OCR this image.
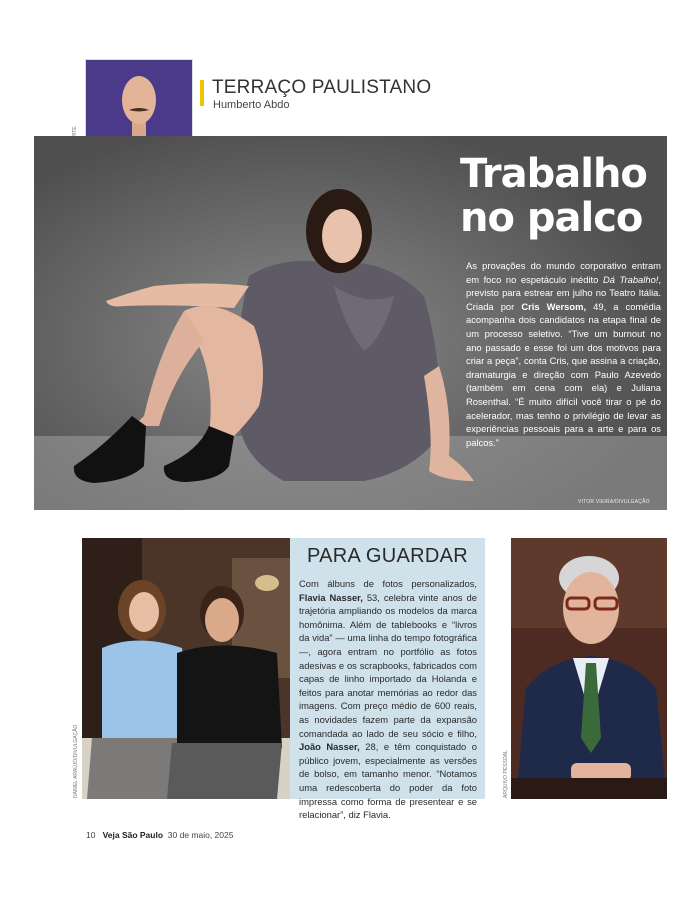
TERRAÇO PAULISTANO
Humberto Abdo
Trabalho
no palco
As provações do mundo corporativo entram em foco no espetáculo inédito Dá Trabalho!, previsto para estrear em julho no Teatro Itália. Criada por Cris Wersom, 49, a comédia acompanha dois candidatos na etapa final de um processo seletivo. “Tive um burnout no ano passado e esse foi um dos motivos para criar a peça”, conta Cris, que assina a criação, dramaturgia e direção com Paulo Azevedo (também em cena com ela) e Juliana Rosenthal. “É muito difícil você tirar o pé do acelerador, mas tenho o privilégio de levar as experiências pessoais para a arte e para os palcos.”
VITOR VIEIRA/DIVULGAÇÃO
DANIEL ARAÚJO/DIVULGAÇÃO
PARA GUARDAR
Com álbuns de fotos personalizados, Flavia Nasser, 53, celebra vinte anos de trajetória ampliando os modelos da marca homônima. Além de tablebooks e “livros da vida” — uma linha do tempo fotográfica —, agora entram no portfólio as fotos adesivas e os scrapbooks, fabricados com capas de linho importado da Holanda e feitos para anotar memórias ao redor das imagens. Com preço médio de 600 reais, as novidades fazem parte da expansão comandada ao lado de seu sócio e filho, João Nasser, 28, e têm conquistado o público jovem, especialmente as versões de bolso, em tamanho menor. “Notamos uma redescoberta do poder da foto impressa como forma de presentear e se relacionar”, diz Flavia.
ARQUIVO PESSOAL
10 Veja São Paulo 30 de maio, 2025
